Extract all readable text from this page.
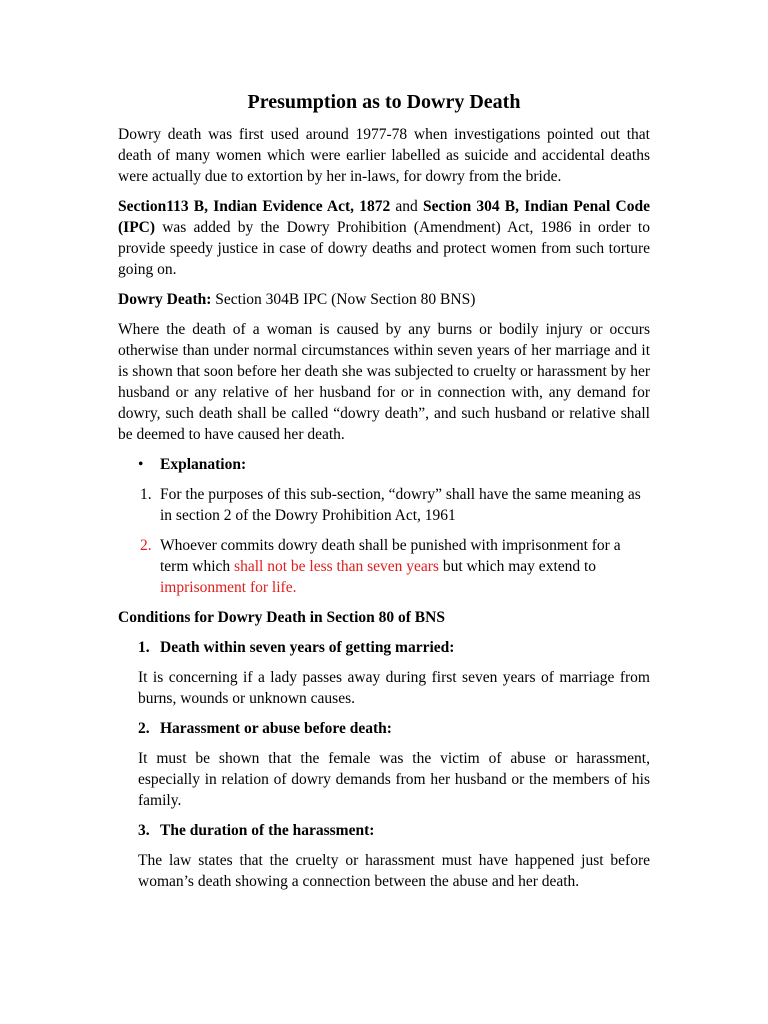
Presumption as to Dowry Death

Dowry death was first used around 1977-78 when investigations pointed out that death of many women which were earlier labelled as suicide and accidental deaths were actually due to extortion by her in-laws, for dowry from the bride.

Section113 B, Indian Evidence Act, 1872 and Section 304 B, Indian Penal Code (IPC) was added by the Dowry Prohibition (Amendment) Act, 1986 in order to provide speedy justice in case of dowry deaths and protect women from such torture going on.

Dowry Death: Section 304B IPC (Now Section 80 BNS)

Where the death of a woman is caused by any burns or bodily injury or occurs otherwise than under normal circumstances within seven years of her marriage and it is shown that soon before her death she was subjected to cruelty or harassment by her husband or any relative of her husband for or in connection with, any demand for dowry, such death shall be called “dowry death”, and such husband or relative shall be deemed to have caused her death.

• Explanation:
1. For the purposes of this sub-section, “dowry” shall have the same meaning as in section 2 of the Dowry Prohibition Act, 1961
2. Whoever commits dowry death shall be punished with imprisonment for a term which shall not be less than seven years but which may extend to imprisonment for life.

Conditions for Dowry Death in Section 80 of BNS

1. Death within seven years of getting married:

It is concerning if a lady passes away during first seven years of marriage from burns, wounds or unknown causes.

2. Harassment or abuse before death:

It must be shown that the female was the victim of abuse or harassment, especially in relation of dowry demands from her husband or the members of his family.

3. The duration of the harassment:

The law states that the cruelty or harassment must have happened just before woman’s death showing a connection between the abuse and her death.
